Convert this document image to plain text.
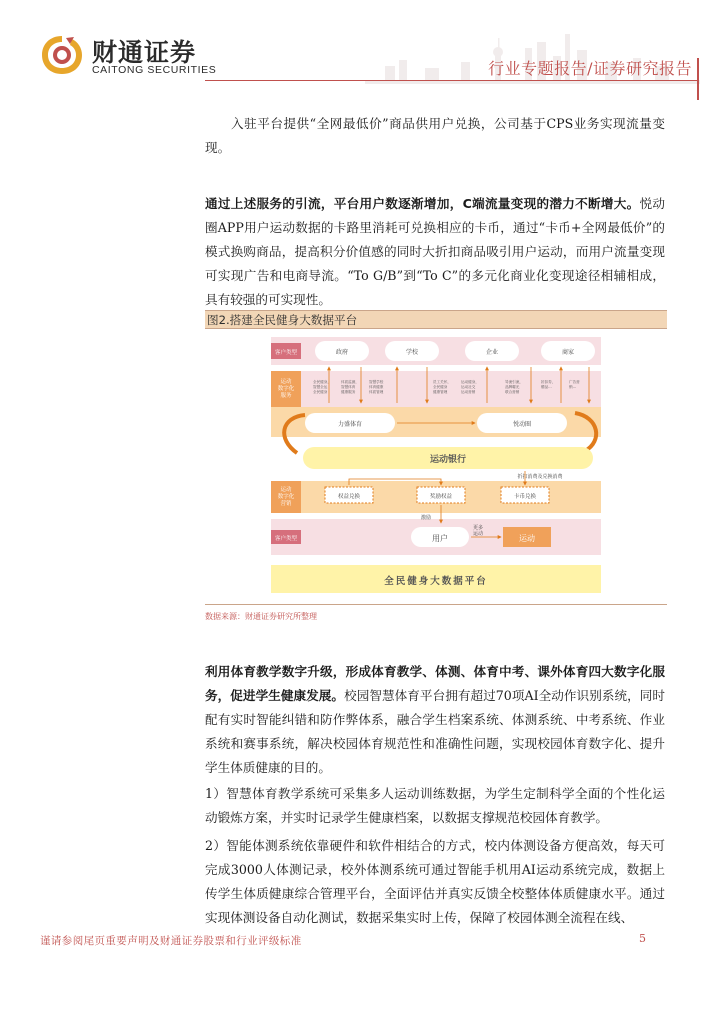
财通证券
CAITONG SECURITIES	行业专题报告/证券研究报告
入驻平台提供“全网最低价”商品供用户兑换，公司基于CPS业务实现流量变现。
通过上述服务的引流，平台用户数逐渐增加，C端流量变现的潜力不断增大。悦动圈APP用户运动数据的卡路里消耗可兑换相应的卡币，通过“卡币+全网最低价”的模式换购商品，提高积分价值感的同时大折扣商品吸引用户运动，而用户流量变现可实现广告和电商导流。“To G/B”到“To C”的多元化商业化变现途径相辅相成，具有较强的可实现性。
图2.搭建全民健身大数据平台
客户类型
运动数字化服务
运动数字化营销
客户类型
政府	学校	企业	商家
全民健身，智慧全运全民健身
体质监测，智慧体育健康服务
智慧学校体育健康体质管理
员工关怀，全民健身健康管理
运动健身，运动社交运动营销
导流引流，品牌曝光联合营销
折扣券，赠品…
广告营销…
力盛体育	悦动圈
运动银行
折扣消费及兑换消费
权益兑换	奖励权益	卡币兑换
激励
用户
更多运动	运动
全民健身大数据平台
数据来源：财通证券研究所整理
利用体育教学数字升级，形成体育教学、体测、体育中考、课外体育四大数字化服务，促进学生健康发展。校园智慧体育平台拥有超过70项AI全动作识别系统，同时配有实时智能纠错和防作弊体系，融合学生档案系统、体测系统、中考系统、作业系统和赛事系统，解决校园体育规范性和准确性问题，实现校园体育数字化、提升学生体质健康的目的。
1）智慧体育教学系统可采集多人运动训练数据，为学生定制科学全面的个性化运动锻炼方案，并实时记录学生健康档案，以数据支撑规范校园体育教学。
2）智能体测系统依靠硬件和软件相结合的方式，校内体测设备方便高效，每天可完成3000人体测记录，校外体测系统可通过智能手机用AI运动系统完成，数据上传学生体质健康综合管理平台，全面评估并真实反馈全校整体体质健康水平。通过实现体测设备自动化测试，数据采集实时上传，保障了校园体测全流程在线、
谨请参阅尾页重要声明及财通证券股票和行业评级标准	5
